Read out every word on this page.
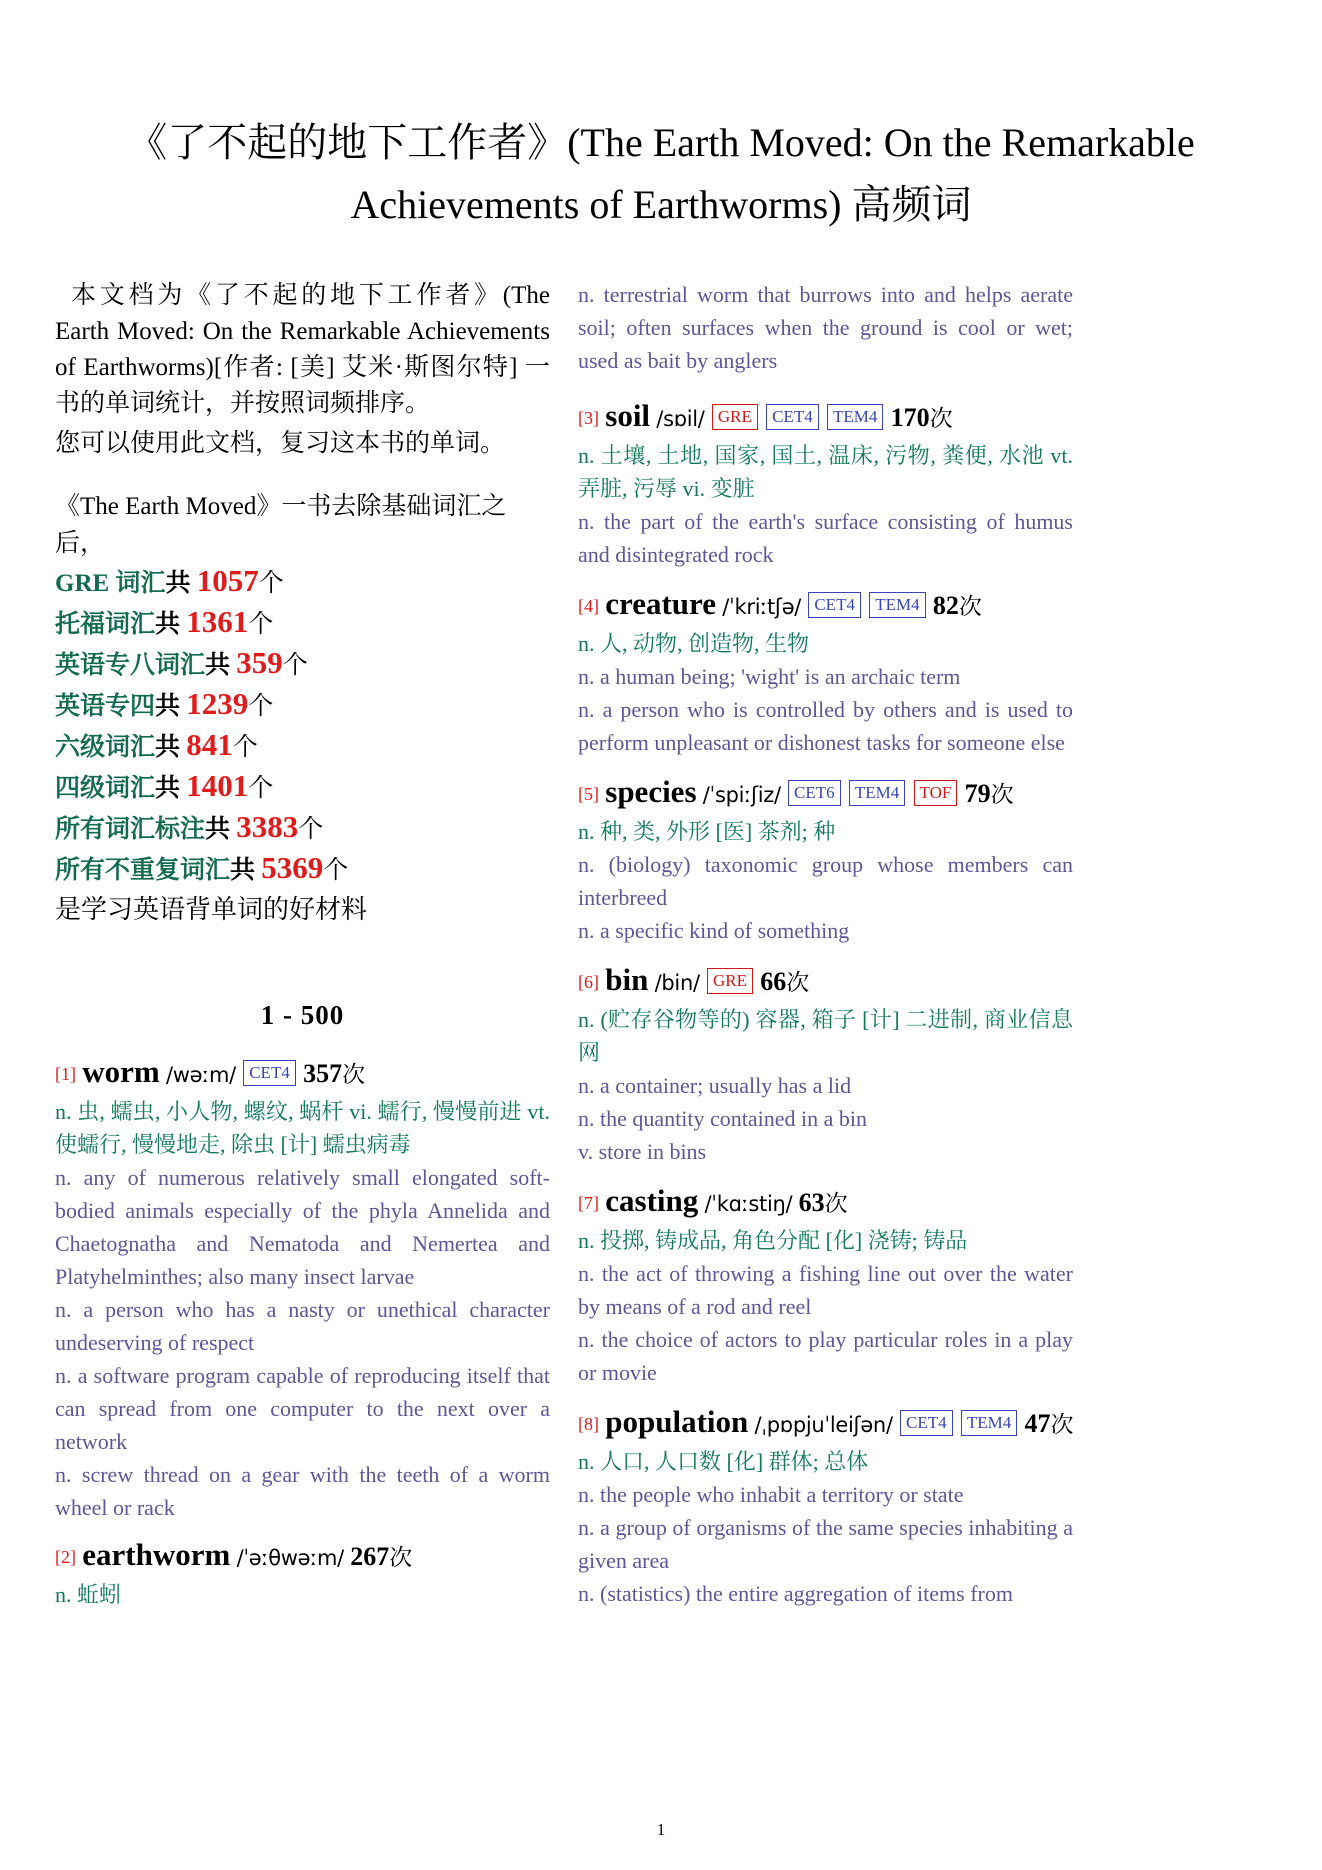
《了不起的地下工作者》(The Earth Moved: On the Remarkable Achievements of Earthworms) 高频词
本文档为《了不起的地下工作者》(The Earth Moved: On the Remarkable Achievements of Earthworms)[作者: [美] 艾米·斯图尔特] 一书的单词统计，并按照词频排序。
您可以使用此文档，复习这本书的单词。
《The Earth Moved》一书去除基础词汇之后，
GRE 词汇共 1057个
托福词汇共 1361个
英语专八词汇共 359个
英语专四共 1239个
六级词汇共 841个
四级词汇共 1401个
所有词汇标注共 3383个
所有不重复词汇共 5369个
是学习英语背单词的好材料
1 - 500
[1] worm /wəːm/ CET4 357次
n. 虫, 蠕虫, 小人物, 螺纹, 蜗杆 vi. 蠕行, 慢慢前进 vt. 使蠕行, 慢慢地走, 除虫 [计] 蠕虫病毒
n. any of numerous relatively small elongated soft-bodied animals especially of the phyla Annelida and Chaetognatha and Nematoda and Nemertea and Platyhelminthes; also many insect larvae
n. a person who has a nasty or unethical character undeserving of respect
n. a software program capable of reproducing itself that can spread from one computer to the next over a network
n. screw thread on a gear with the teeth of a worm wheel or rack
[2] earthworm /ˈəːθwəːm/ 267次
n. 蚯蚓
n. terrestrial worm that burrows into and helps aerate soil; often surfaces when the ground is cool or wet; used as bait by anglers
[3] soil /sɒil/ GRE CET4 TEM4 170次
n. 土壤, 土地, 国家, 国土, 温床, 污物, 粪便, 水池 vt. 弄脏, 污辱 vi. 变脏
n. the part of the earth's surface consisting of humus and disintegrated rock
[4] creature /ˈkriːtʃə/ CET4 TEM4 82次
n. 人, 动物, 创造物, 生物
n. a human being; 'wight' is an archaic term
n. a person who is controlled by others and is used to perform unpleasant or dishonest tasks for someone else
[5] species /ˈspiːʃiz/ CET6 TEM4 TOF 79次
n. 种, 类, 外形 [医] 茶剂; 种
n. (biology) taxonomic group whose members can interbreed
n. a specific kind of something
[6] bin /bin/ GRE 66次
n. (贮存谷物等的) 容器, 箱子 [计] 二进制, 商业信息网
n. a container; usually has a lid
n. the quantity contained in a bin
v. store in bins
[7] casting /ˈkɑːstiŋ/ 63次
n. 投掷, 铸成品, 角色分配 [化] 浇铸; 铸品
n. the act of throwing a fishing line out over the water by means of a rod and reel
n. the choice of actors to play particular roles in a play or movie
[8] population /ˌpɒpjuˈleiʃən/ CET4 TEM4 47次
n. 人口, 人口数 [化] 群体; 总体
n. the people who inhabit a territory or state
n. a group of organisms of the same species inhabiting a given area
n. (statistics) the entire aggregation of items from
1
